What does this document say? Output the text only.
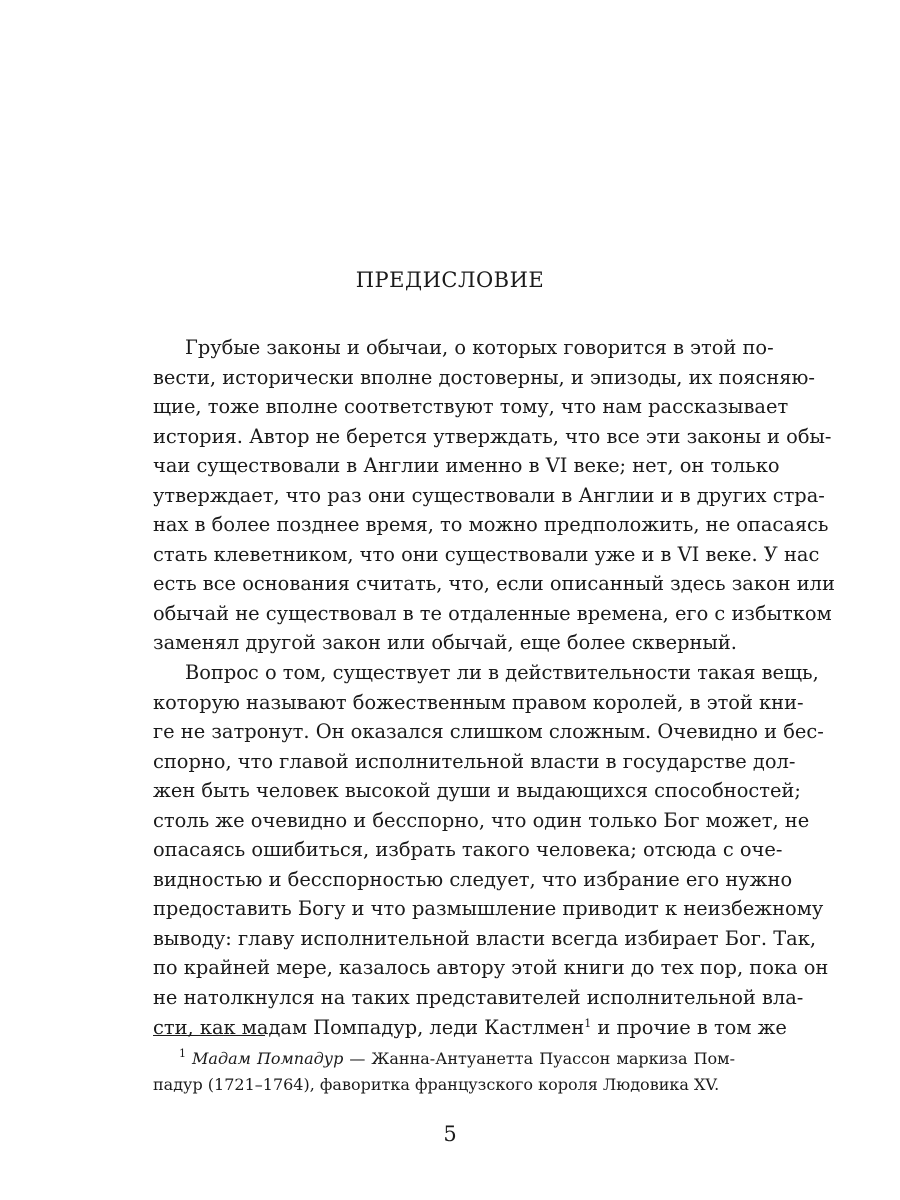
ПРЕДИСЛОВИЕ
Грубые законы и обычаи, о которых говорится в этой по-
вести, исторически вполне достоверны, и эпизоды, их поясняю-
щие, тоже вполне соответствуют тому, что нам рассказывает
история. Автор не берется утверждать, что все эти законы и обы-
чаи существовали в Англии именно в VI веке; нет, он только
утверждает, что раз они существовали в Англии и в других стра-
нах в более позднее время, то можно предположить, не опасаясь
стать клеветником, что они существовали уже и в VI веке. У нас
есть все основания считать, что, если описанный здесь закон или
обычай не существовал в те отдаленные времена, его с избытком
заменял другой закон или обычай, еще более скверный.
Вопрос о том, существует ли в действительности такая вещь,
которую называют божественным правом королей, в этой кни-
ге не затронут. Он оказался слишком сложным. Очевидно и бес-
спорно, что главой исполнительной власти в государстве дол-
жен быть человек высокой души и выдающихся способностей;
столь же очевидно и бесспорно, что один только Бог может, не
опасаясь ошибиться, избрать такого человека; отсюда с оче-
видностью и бесспорностью следует, что избрание его нужно
предоставить Богу и что размышление приводит к неизбежному
выводу: главу исполнительной власти всегда избирает Бог. Так,
по крайней мере, казалось автору этой книги до тех пор, пока он
не натолкнулся на таких представителей исполнительной вла-
сти, как мадам Помпадур, леди Кастлмен$^1$ и прочие в том же
$^1$ Мадам Помпадур — Жанна-Антуанетта Пуассон маркиза Пом-
падур (1721–1764), фаворитка французского короля Людовика XV.
5
